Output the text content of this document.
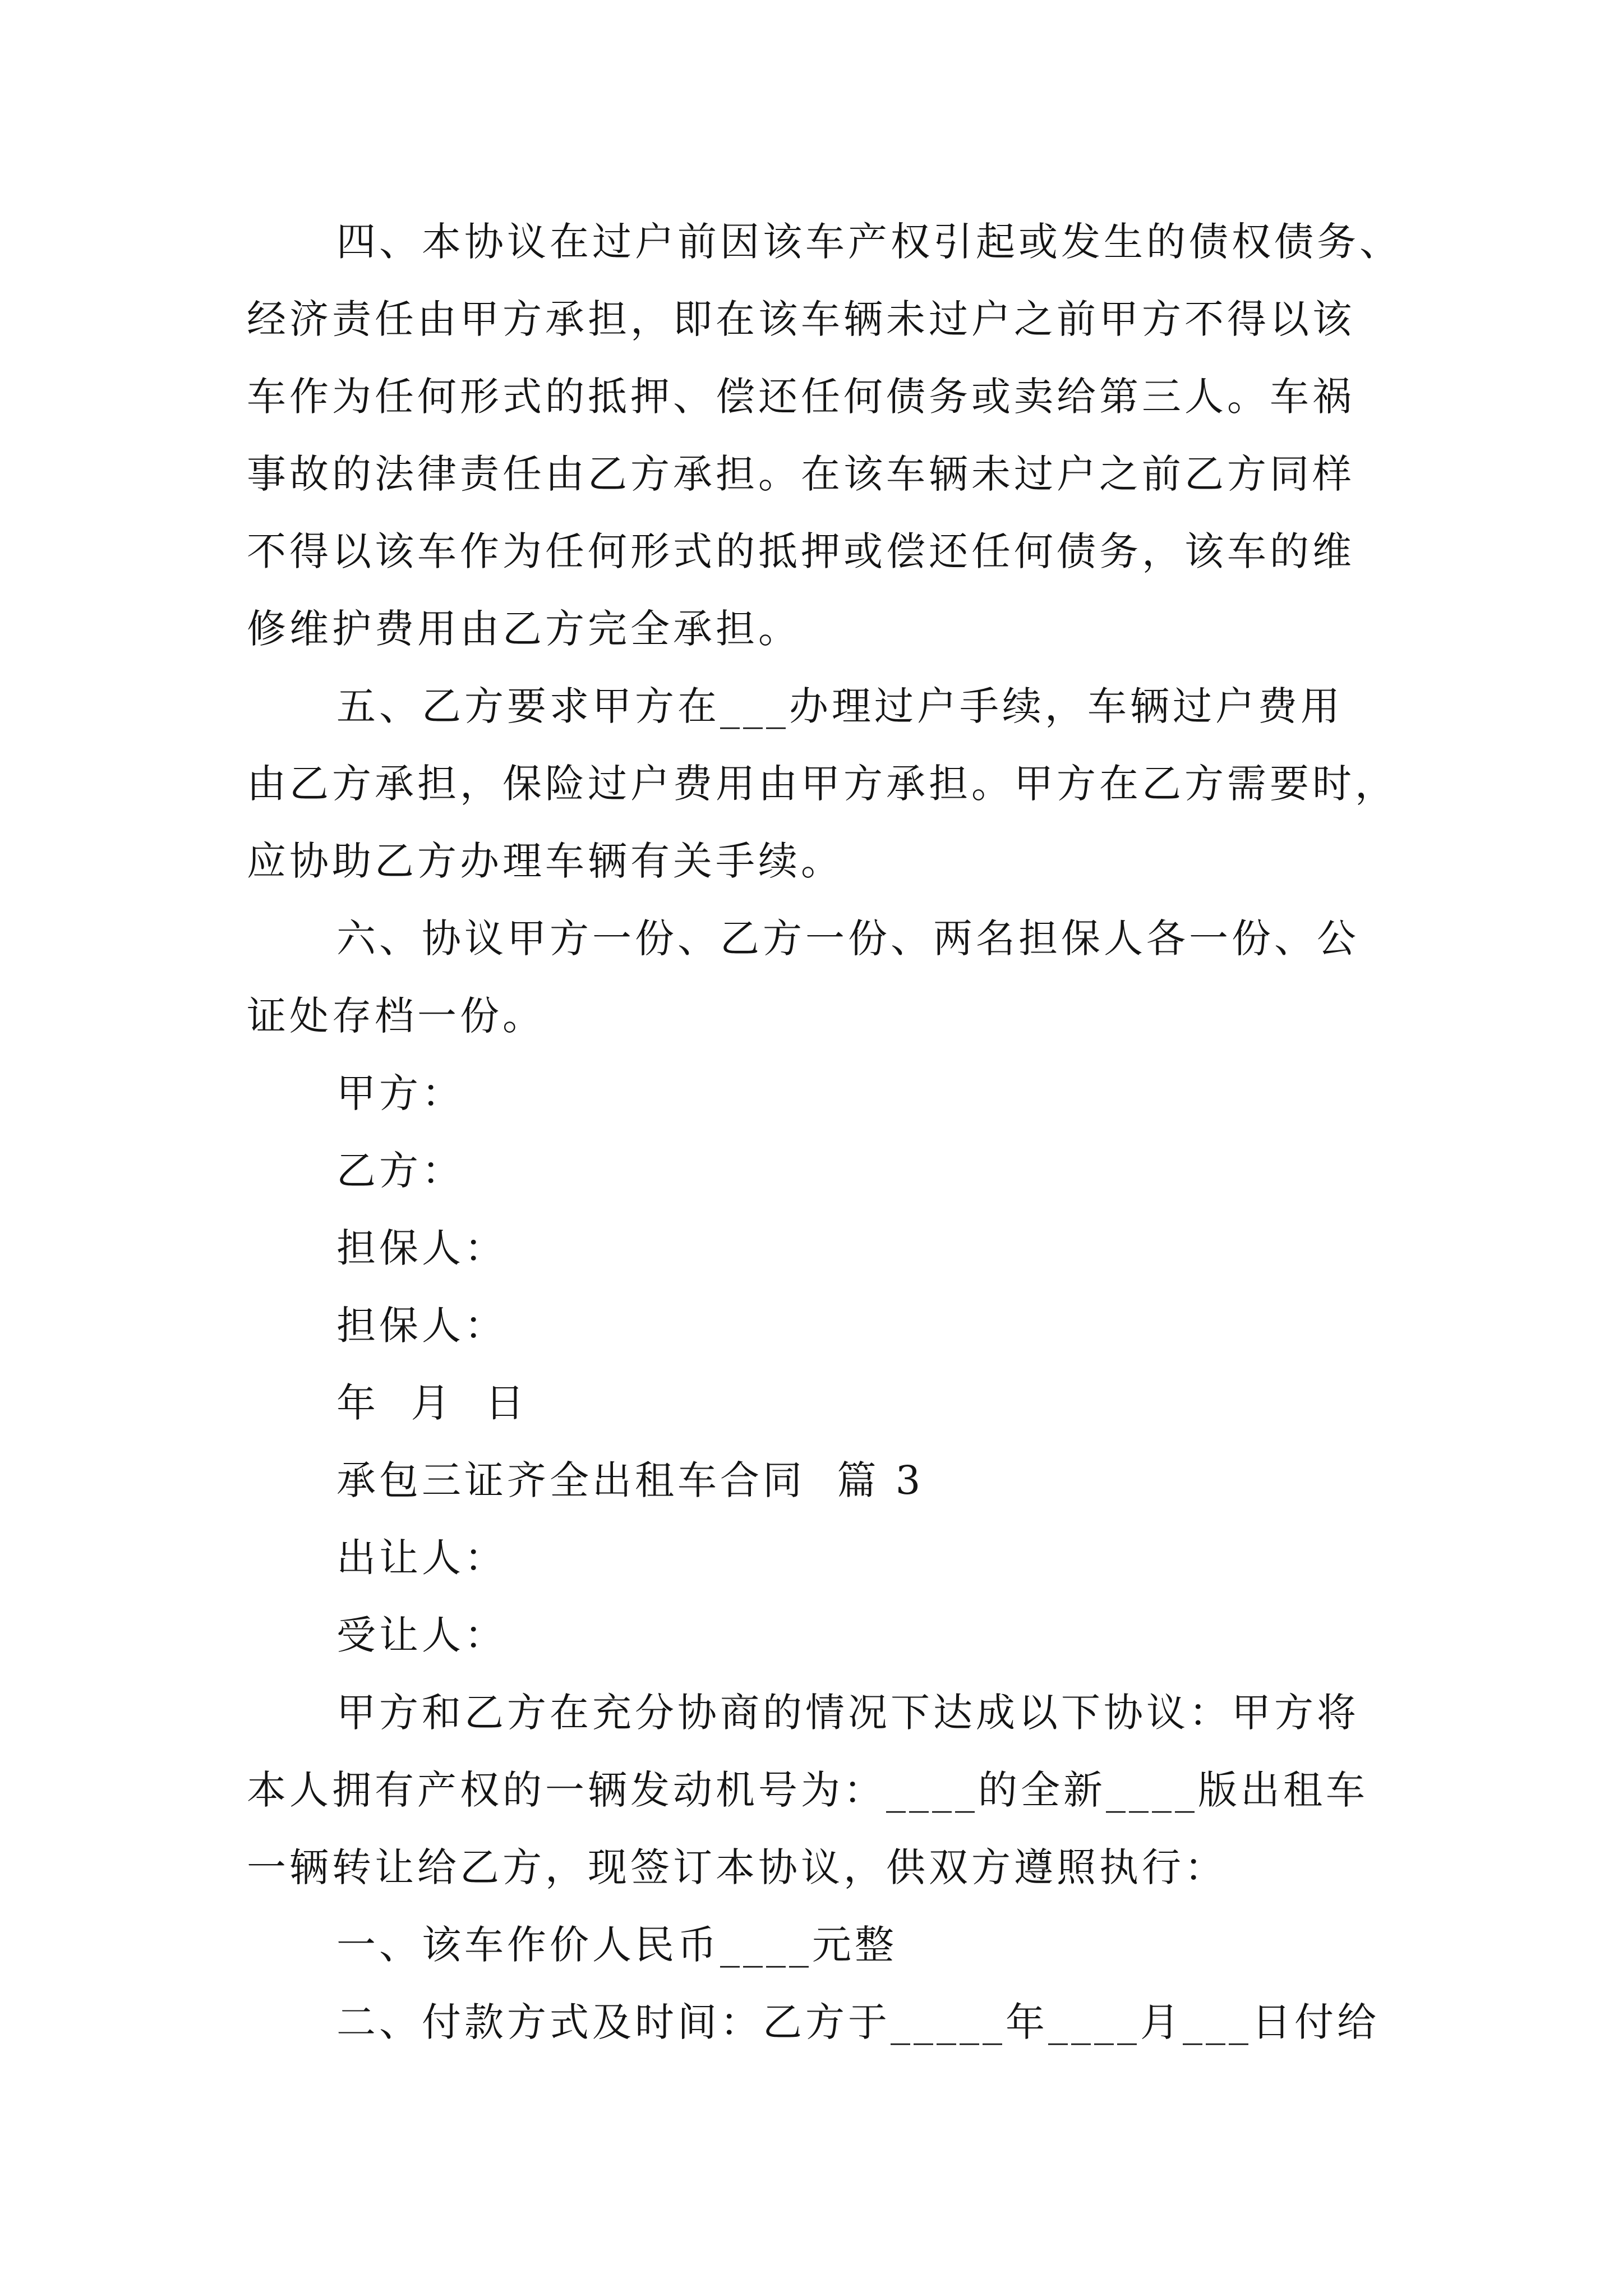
四、本协议在过户前因该车产权引起或发生的债权债务、
经济责任由甲方承担，即在该车辆未过户之前甲方不得以该
车作为任何形式的抵押、偿还任何债务或卖给第三人。车祸
事故的法律责任由乙方承担。在该车辆未过户之前乙方同样
不得以该车作为任何形式的抵押或偿还任何债务，该车的维
修维护费用由乙方完全承担。
五、乙方要求甲方在___办理过户手续，车辆过户费用
由乙方承担，保险过户费用由甲方承担。甲方在乙方需要时，
应协助乙方办理车辆有关手续。
六、协议甲方一份、乙方一份、两名担保人各一份、公
证处存档一份。
甲方：
乙方：
担保人：
担保人：
年  月  日
承包三证齐全出租车合同  篇 3
出让人：
受让人：
甲方和乙方在充分协商的情况下达成以下协议：甲方将
本人拥有产权的一辆发动机号为：____的全新____版出租车
一辆转让给乙方，现签订本协议，供双方遵照执行：
一、该车作价人民币____元整
二、付款方式及时间：乙方于_____年____月___日付给
